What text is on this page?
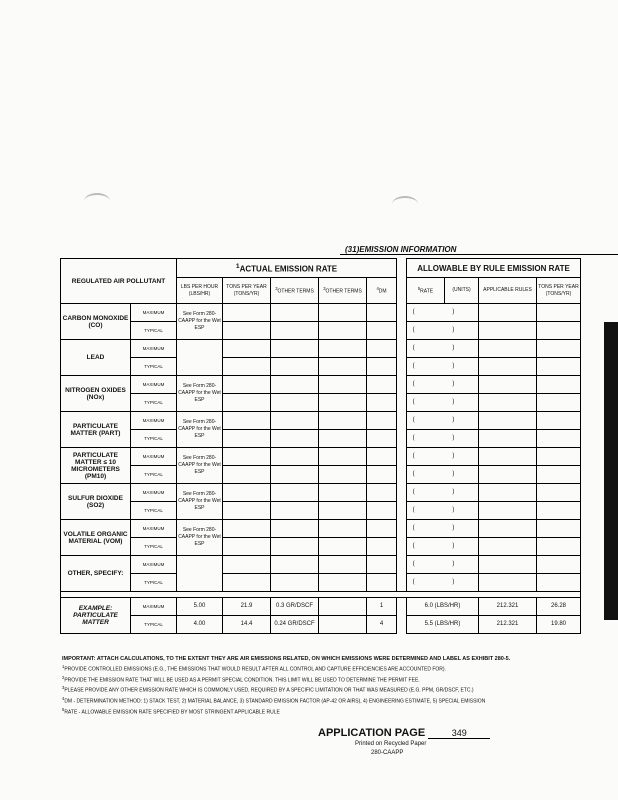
(31)EMISSION INFORMATION
REGULATED AIR POLLUTANT		$^1$ACTUAL EMISSION RATE						ALLOWABLE BY RULE EMISSION RATE			
		LBS PER HOUR (LBS/HR)	TONS PER YEAR (TONS/YR)	$^3$OTHER TERMS	$^3$OTHER TERMS	$^4$DM		$^5$RATE	(UNITS)	APPLICABLE RULES	TONS PER YEAR (TONS/YR)
CARBON MONOXIDE (CO)	MAXIMUM	See Form 280-CAAPP for the Wet ESP						( )			
	TYPICAL							( )			
LEAD	MAXIMUM							( )			
	TYPICAL							( )			
NITROGEN OXIDES (NOx)	MAXIMUM	See Form 280-CAAPP for the Wet ESP						( )			
	TYPICAL							( )			
PARTICULATE MATTER (PART)	MAXIMUM	See Form 280-CAAPP for the Wet ESP						( )			
	TYPICAL							( )			
PARTICULATE MATTER ≤ 10 MICROMETERS (PM10)	MAXIMUM	See Form 280-CAAPP for the Wet ESP						( )			
	TYPICAL							( )			
SULFUR DIOXIDE (SO2)	MAXIMUM	See Form 280-CAAPP for the Wet ESP						( )			
	TYPICAL							( )			
VOLATILE ORGANIC MATERIAL (VOM)	MAXIMUM	See Form 280-CAAPP for the Wet ESP						( )			
	TYPICAL							( )			
OTHER, SPECIFY:	MAXIMUM							( )			
	TYPICAL							( )			

EXAMPLE: PARTICULATE MATTER	MAXIMUM	5.00	21.9	0.3 GR/DSCF		1		6.0 (LBS/HR)		212.321	26.28
	TYPICAL	4.00	14.4	0.24 GR/DSCF		4		5.5 (LBS/HR)		212.321	19.80
IMPORTANT: ATTACH CALCULATIONS, TO THE EXTENT THEY ARE AIR EMISSIONS RELATED, ON WHICH EMISSIONS WERE DETERMINED AND LABEL AS EXHIBIT 280-5.
$^1$PROVIDE CONTROLLED EMISSIONS (E.G., THE EMISSIONS THAT WOULD RESULT AFTER ALL CONTROL AND CAPTURE EFFICIENCIES ARE ACCOUNTED FOR).
$^2$PROVIDE THE EMISSION RATE THAT WILL BE USED AS A PERMIT SPECIAL CONDITION. THIS LIMIT WILL BE USED TO DETERMINE THE PERMIT FEE.
$^3$PLEASE PROVIDE ANY OTHER EMISSION RATE WHICH IS COMMONLY USED, REQUIRED BY A SPECIFIC LIMITATION OR THAT WAS MEASURED (E.G. PPM, GR/DSCF, ETC.)
$^4$DM - DETERMINATION METHOD: 1) STACK TEST, 2) MATERIAL BALANCE, 3) STANDARD EMISSION FACTOR (AP-42 OR AIRS), 4) ENGINEERING ESTIMATE, 5) SPECIAL EMISSION
$^5$RATE - ALLOWABLE EMISSION RATE SPECIFIED BY MOST STRINGENT APPLICABLE RULE
APPLICATION PAGE	349
Printed on Recycled Paper
280-CAAPP
